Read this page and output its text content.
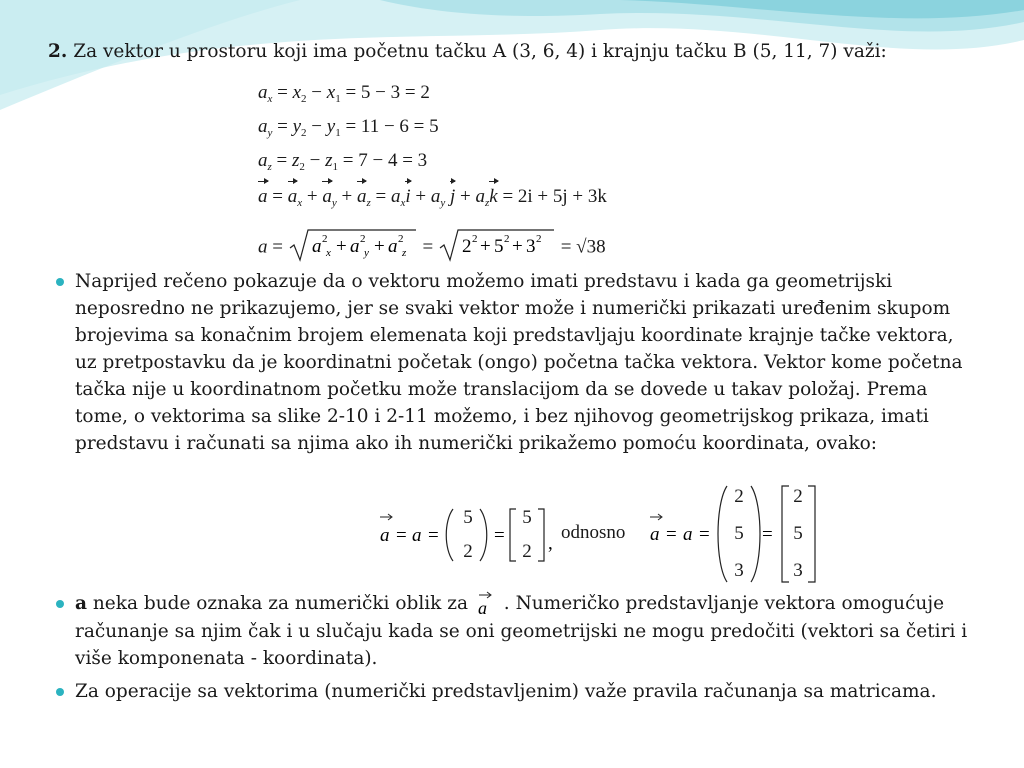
2. Za vektor u prostoru koji ima početnu tačku A (3, 6, 4) i krajnju tačku B (5, 11, 7) važi:
$a_x = x_2 - x_1 = 5 - 3 = 2$
$a_y = y_2 - y_1 = 11 - 6 = 5$
$a_z = z_2 - z_1 = 7 - 4 = 3$
$a = a_x + a_y + a_z = a_xi + a_y$ $j + a_zk = 2i + 5j + 3k$
a = a 2
x + a 2
y + a 2
z = 2 2 + 5 2 + 3 2 = √38
Naprijed rečeno pokazuje da o vektoru možemo imati predstavu i kada ga geometrijski neposredno ne prikazujemo, jer se svaki vektor može i numerički prikazati uređenim skupom brojevima sa konačnim brojem elemenata koji predstavljaju koordinate krajnje tačke vektora, uz pretpostavku da je koordinatni početak (ongo) početna tačka vektora. Vektor kome početna tačka nije u koordinatnom početku može translacijom da se dovede u takav položaj. Prema tome, o vektorima sa slike 2-10 i 2-11 možemo, i bez njihovog geometrijskog prikaza, imati predstavu i računati sa njima ako ih numerički prikažemo pomoću koordinata, ovako:
a = a =	= ,
5
2
5
2
odnosno a = a =	=
2
5
3
2
5
3
a neka bude oznaka za numerički oblik za a . Numeričko predstavljanje vektora omogućuje računanje sa njim čak i u slučaju kada se oni geometrijski ne mogu predočiti (vektori sa četiri i više komponenata - koordinata).
Za operacije sa vektorima (numerički predstavljenim) važe pravila računanja sa matricama.
